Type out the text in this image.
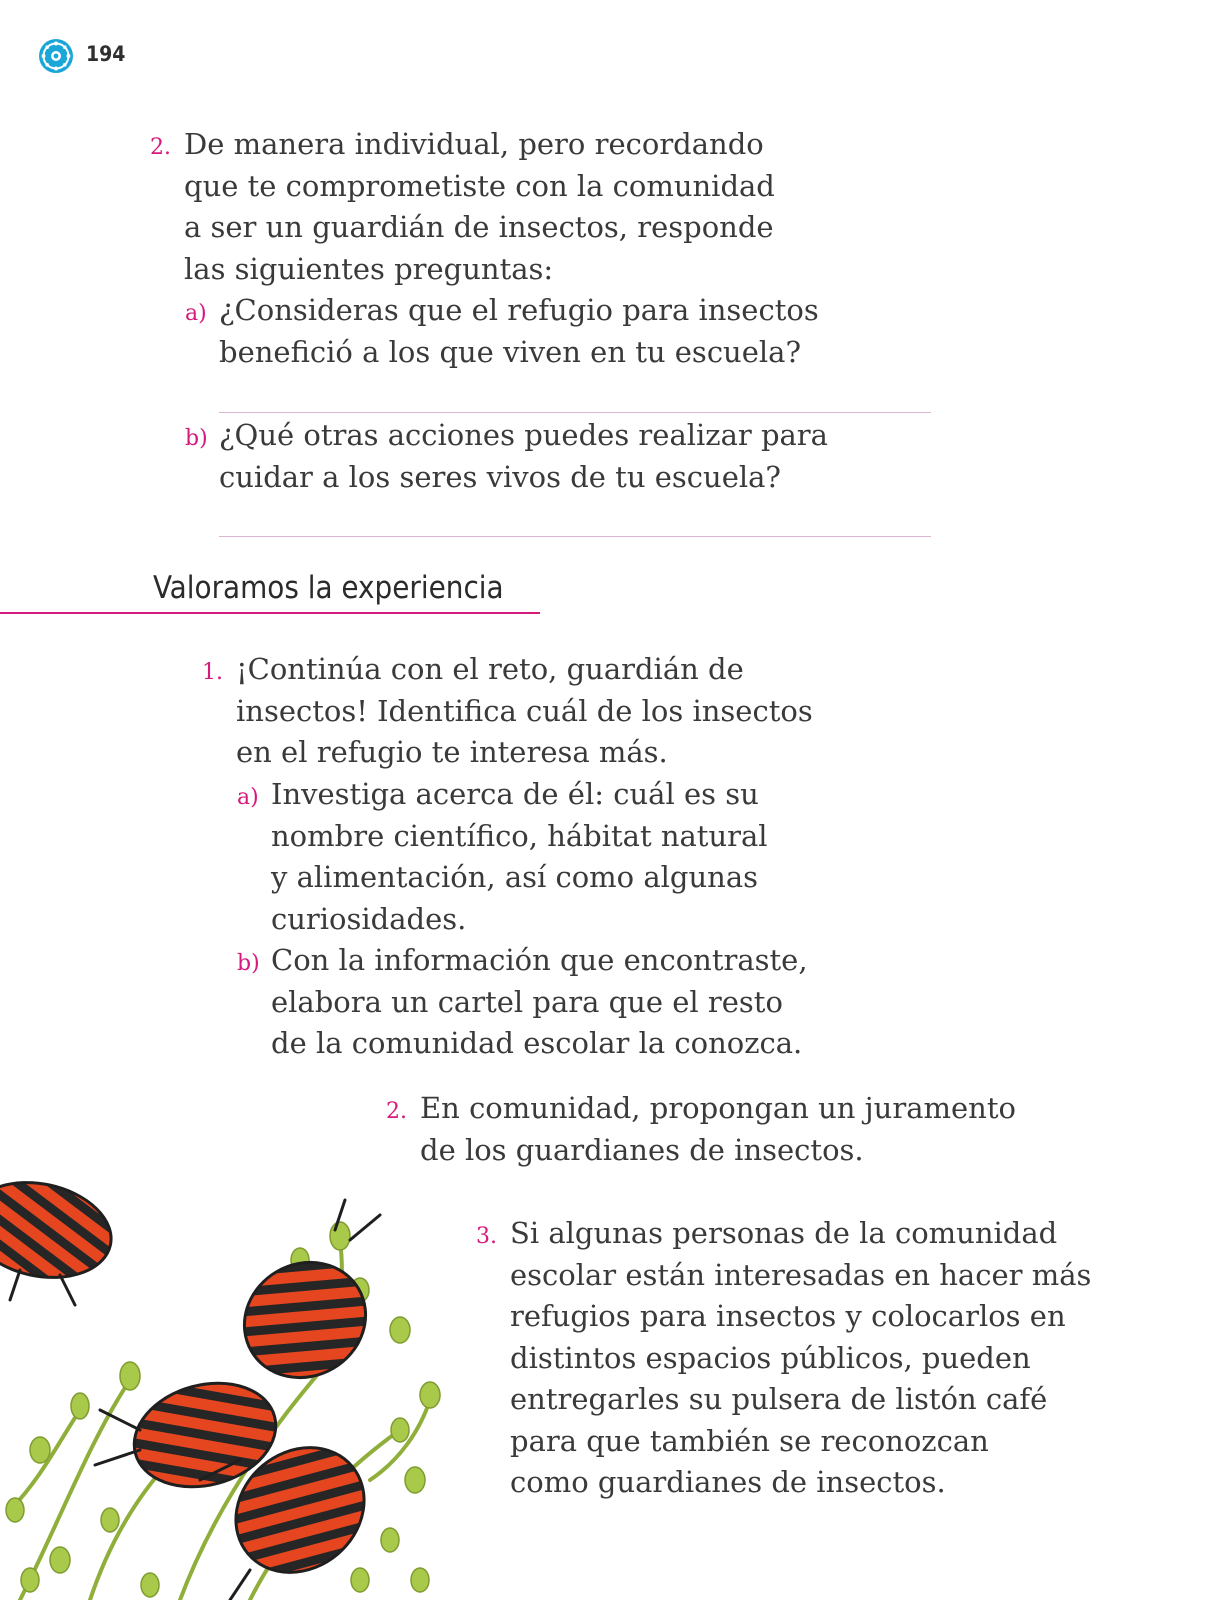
194
2. De manera individual, pero recordando
que te comprometiste con la comunidad
a ser un guardián de insectos, responde
las siguientes preguntas:
a) ¿Consideras que el refugio para insectos
benefició a los que viven en tu escuela?
b) ¿Qué otras acciones puedes realizar para
cuidar a los seres vivos de tu escuela?
Valoramos la experiencia
1. ¡Continúa con el reto, guardián de
insectos! Identifica cuál de los insectos
en el refugio te interesa más.
a) Investiga acerca de él: cuál es su
nombre científico, hábitat natural
y alimentación, así como algunas
curiosidades.
b) Con la información que encontraste,
elabora un cartel para que el resto
de la comunidad escolar la conozca.
2. En comunidad, propongan un juramento
de los guardianes de insectos.
3. Si algunas personas de la comunidad
escolar están interesadas en hacer más
refugios para insectos y colocarlos en
distintos espacios públicos, pueden
entregarles su pulsera de listón café
para que también se reconozcan
como guardianes de insectos.
